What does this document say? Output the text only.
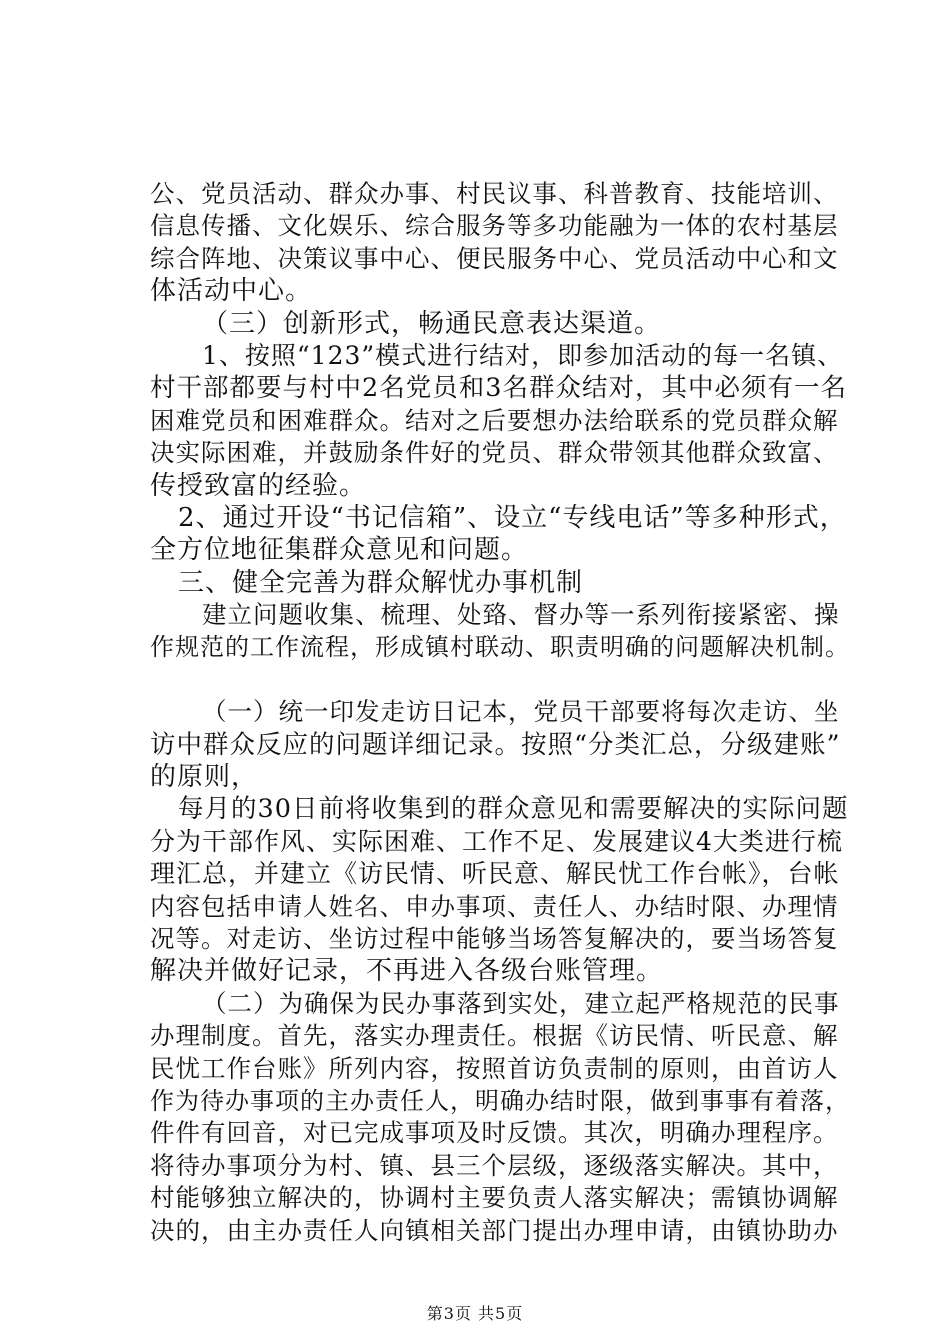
公、党员活动、群众办事、村民议事、科普教育、技能培训、
信息传播、文化娱乐、综合服务等多功能融为一体的农村基层
综合阵地、决策议事中心、便民服务中心、党员活动中心和文
体活动中心。
（三）创新形式，畅通民意表达渠道。
1、按照“123”模式进行结对，即参加活动的每一名镇、
村干部都要与村中2名党员和3名群众结对，其中必须有一名
困难党员和困难群众。结对之后要想办法给联系的党员群众解
决实际困难，并鼓励条件好的党员、群众带领其他群众致富、
传授致富的经验。
2、通过开设“书记信箱”、设立“专线电话”等多种形式，
全方位地征集群众意见和问题。
三、健全完善为群众解忧办事机制
建立问题收集、梳理、处臵、督办等一系列衔接紧密、操
作规范的工作流程，形成镇村联动、职责明确的问题解决机制。
（一）统一印发走访日记本，党员干部要将每次走访、坐
访中群众反应的问题详细记录。按照“分类汇总，分级建账”
的原则，
每月的30日前将收集到的群众意见和需要解决的实际问题
分为干部作风、实际困难、工作不足、发展建议4大类进行梳
理汇总，并建立《访民情、听民意、解民忧工作台帐》，台帐
内容包括申请人姓名、申办事项、责任人、办结时限、办理情
况等。对走访、坐访过程中能够当场答复解决的，要当场答复
解决并做好记录，不再进入各级台账管理。
（二）为确保为民办事落到实处，建立起严格规范的民事
办理制度。首先，落实办理责任。根据《访民情、听民意、解
民忧工作台账》所列内容，按照首访负责制的原则，由首访人
作为待办事项的主办责任人，明确办结时限，做到事事有着落，
件件有回音，对已完成事项及时反馈。其次，明确办理程序。
将待办事项分为村、镇、县三个层级，逐级落实解决。其中，
村能够独立解决的，协调村主要负责人落实解决；需镇协调解
决的，由主办责任人向镇相关部门提出办理申请，由镇协助办
第3页 共5页
